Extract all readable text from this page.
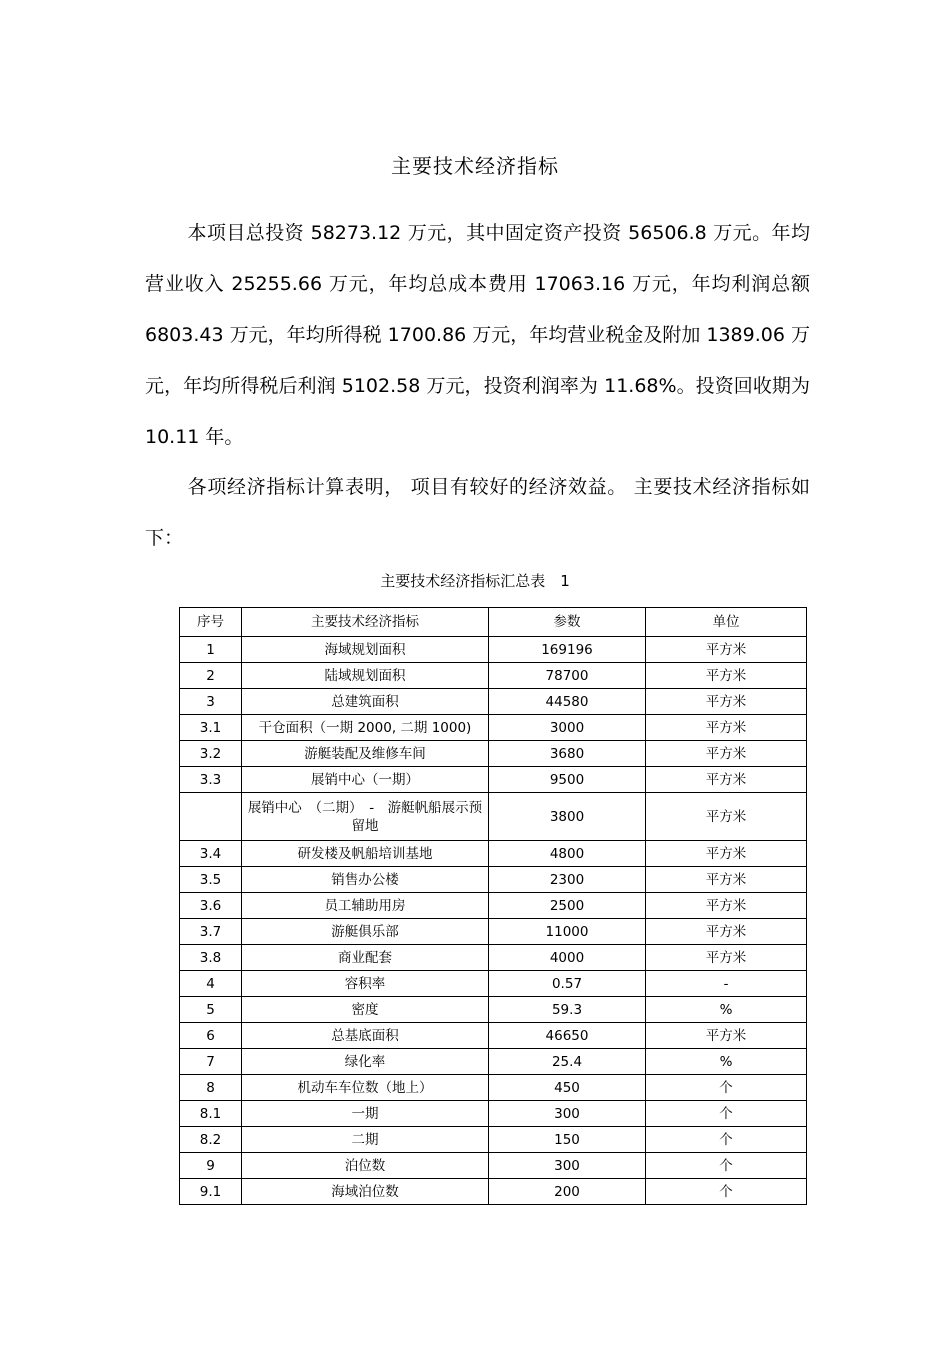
主要技术经济指标
本项目总投资 58273.12 万元，其中固定资产投资 56506.8 万元。年均营业收入 25255.66 万元，年均总成本费用 17063.16 万元，年均利润总额 6803.43 万元，年均所得税 1700.86 万元，年均营业税金及附加 1389.06 万元，年均所得税后利润 5102.58 万元，投资利润率为 11.68%。投资回收期为 10.11 年。
各项经济指标计算表明， 项目有较好的经济效益。 主要技术经济指标如下：
主要技术经济指标汇总表　1
序号	主要技术经济指标	参数	单位
1	海域规划面积	169196	平方米
2	陆域规划面积	78700	平方米
3	总建筑面积	44580	平方米
3.1	干仓面积（一期 2000, 二期 1000)	3000	平方米
3.2	游艇装配及维修车间	3680	平方米
3.3	展销中心（一期）	9500	平方米
	展销中心　（二期）　-　游艇帆船展示预留地	3800	平方米
3.4	研发楼及帆船培训基地	4800	平方米
3.5	销售办公楼	2300	平方米
3.6	员工辅助用房	2500	平方米
3.7	游艇俱乐部	11000	平方米
3.8	商业配套	4000	平方米
4	容积率	0.57	-
5	密度	59.3	%
6	总基底面积	46650	平方米
7	绿化率	25.4	%
8	机动车车位数（地上）	450	个
8.1	一期	300	个
8.2	二期	150	个
9	泊位数	300	个
9.1	海域泊位数	200	个
